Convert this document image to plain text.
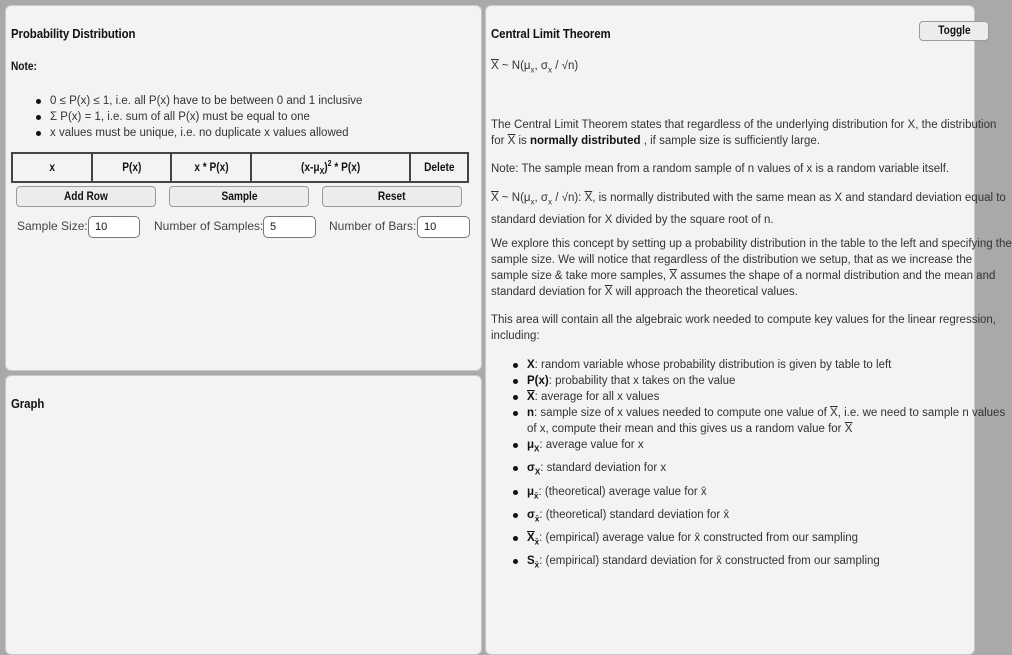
Probability Distribution
Note:
0 ≤ P(x) ≤ 1, i.e. all P(x) have to be between 0 and 1 inclusive
Σ P(x) = 1, i.e. sum of all P(x) must be equal to one
x values must be unique, i.e. no duplicate x values allowed
x	P(x)	x * P(x)	$(x-\mu_X)^2 * P(x)$	Delete
Add Row	Sample	Reset
Sample Size:
10	Number of Samples:
5	Number of Bars:
10
Graph
Central Limit Theorem	Toggle
$\overline{X}$ ~ $N(\mu_x$, $\sigma_x / √n$)
The Central Limit Theorem states that regardless of the underlying distribution for X, the distribution
for $\overline{X}$ is normally distributed , if sample size is sufficiently large.
Note: The sample mean from a random sample of n values of x is a random variable itself.
$\overline{X}$ ~ $N(\mu_x$, $\sigma_x / √n$): $\overline{X}$, is normally distributed with the same mean as X and standard deviation equal to
standard deviation for X divided by the square root of n.
We explore this concept by setting up a probability distribution in the table to the left and specifying the
sample size. We will notice that regardless of the distribution we setup, that as we increase the
sample size & take more samples, $\overline{X}$ assumes the shape of a normal distribution and the mean and
standard deviation for $\overline{X}$ will approach the theoretical values.
This area will contain all the algebraic work needed to compute key values for the linear regression,
including:
X: random variable whose probability distribution is given by table to left
P(x): probability that x takes on the value
$\overline{X}$: average for all x values
n: sample size of x values needed to compute one value of $\overline{X}$, i.e. we need to sample n values
of x, compute their mean and this gives us a random value for $\overline{X}$
$\mu_X$: average value for x
$\sigma_X$: standard deviation for x
$\mu_{x̄}$: (theoretical) average value for x̄
$\sigma_{x̄}$: (theoretical) standard deviation for x̄
$\overline{X}_{x̄}$: (empirical) average value for x̄ constructed from our sampling
$S_{x̄}$: (empirical) standard deviation for x̄ constructed from our sampling
